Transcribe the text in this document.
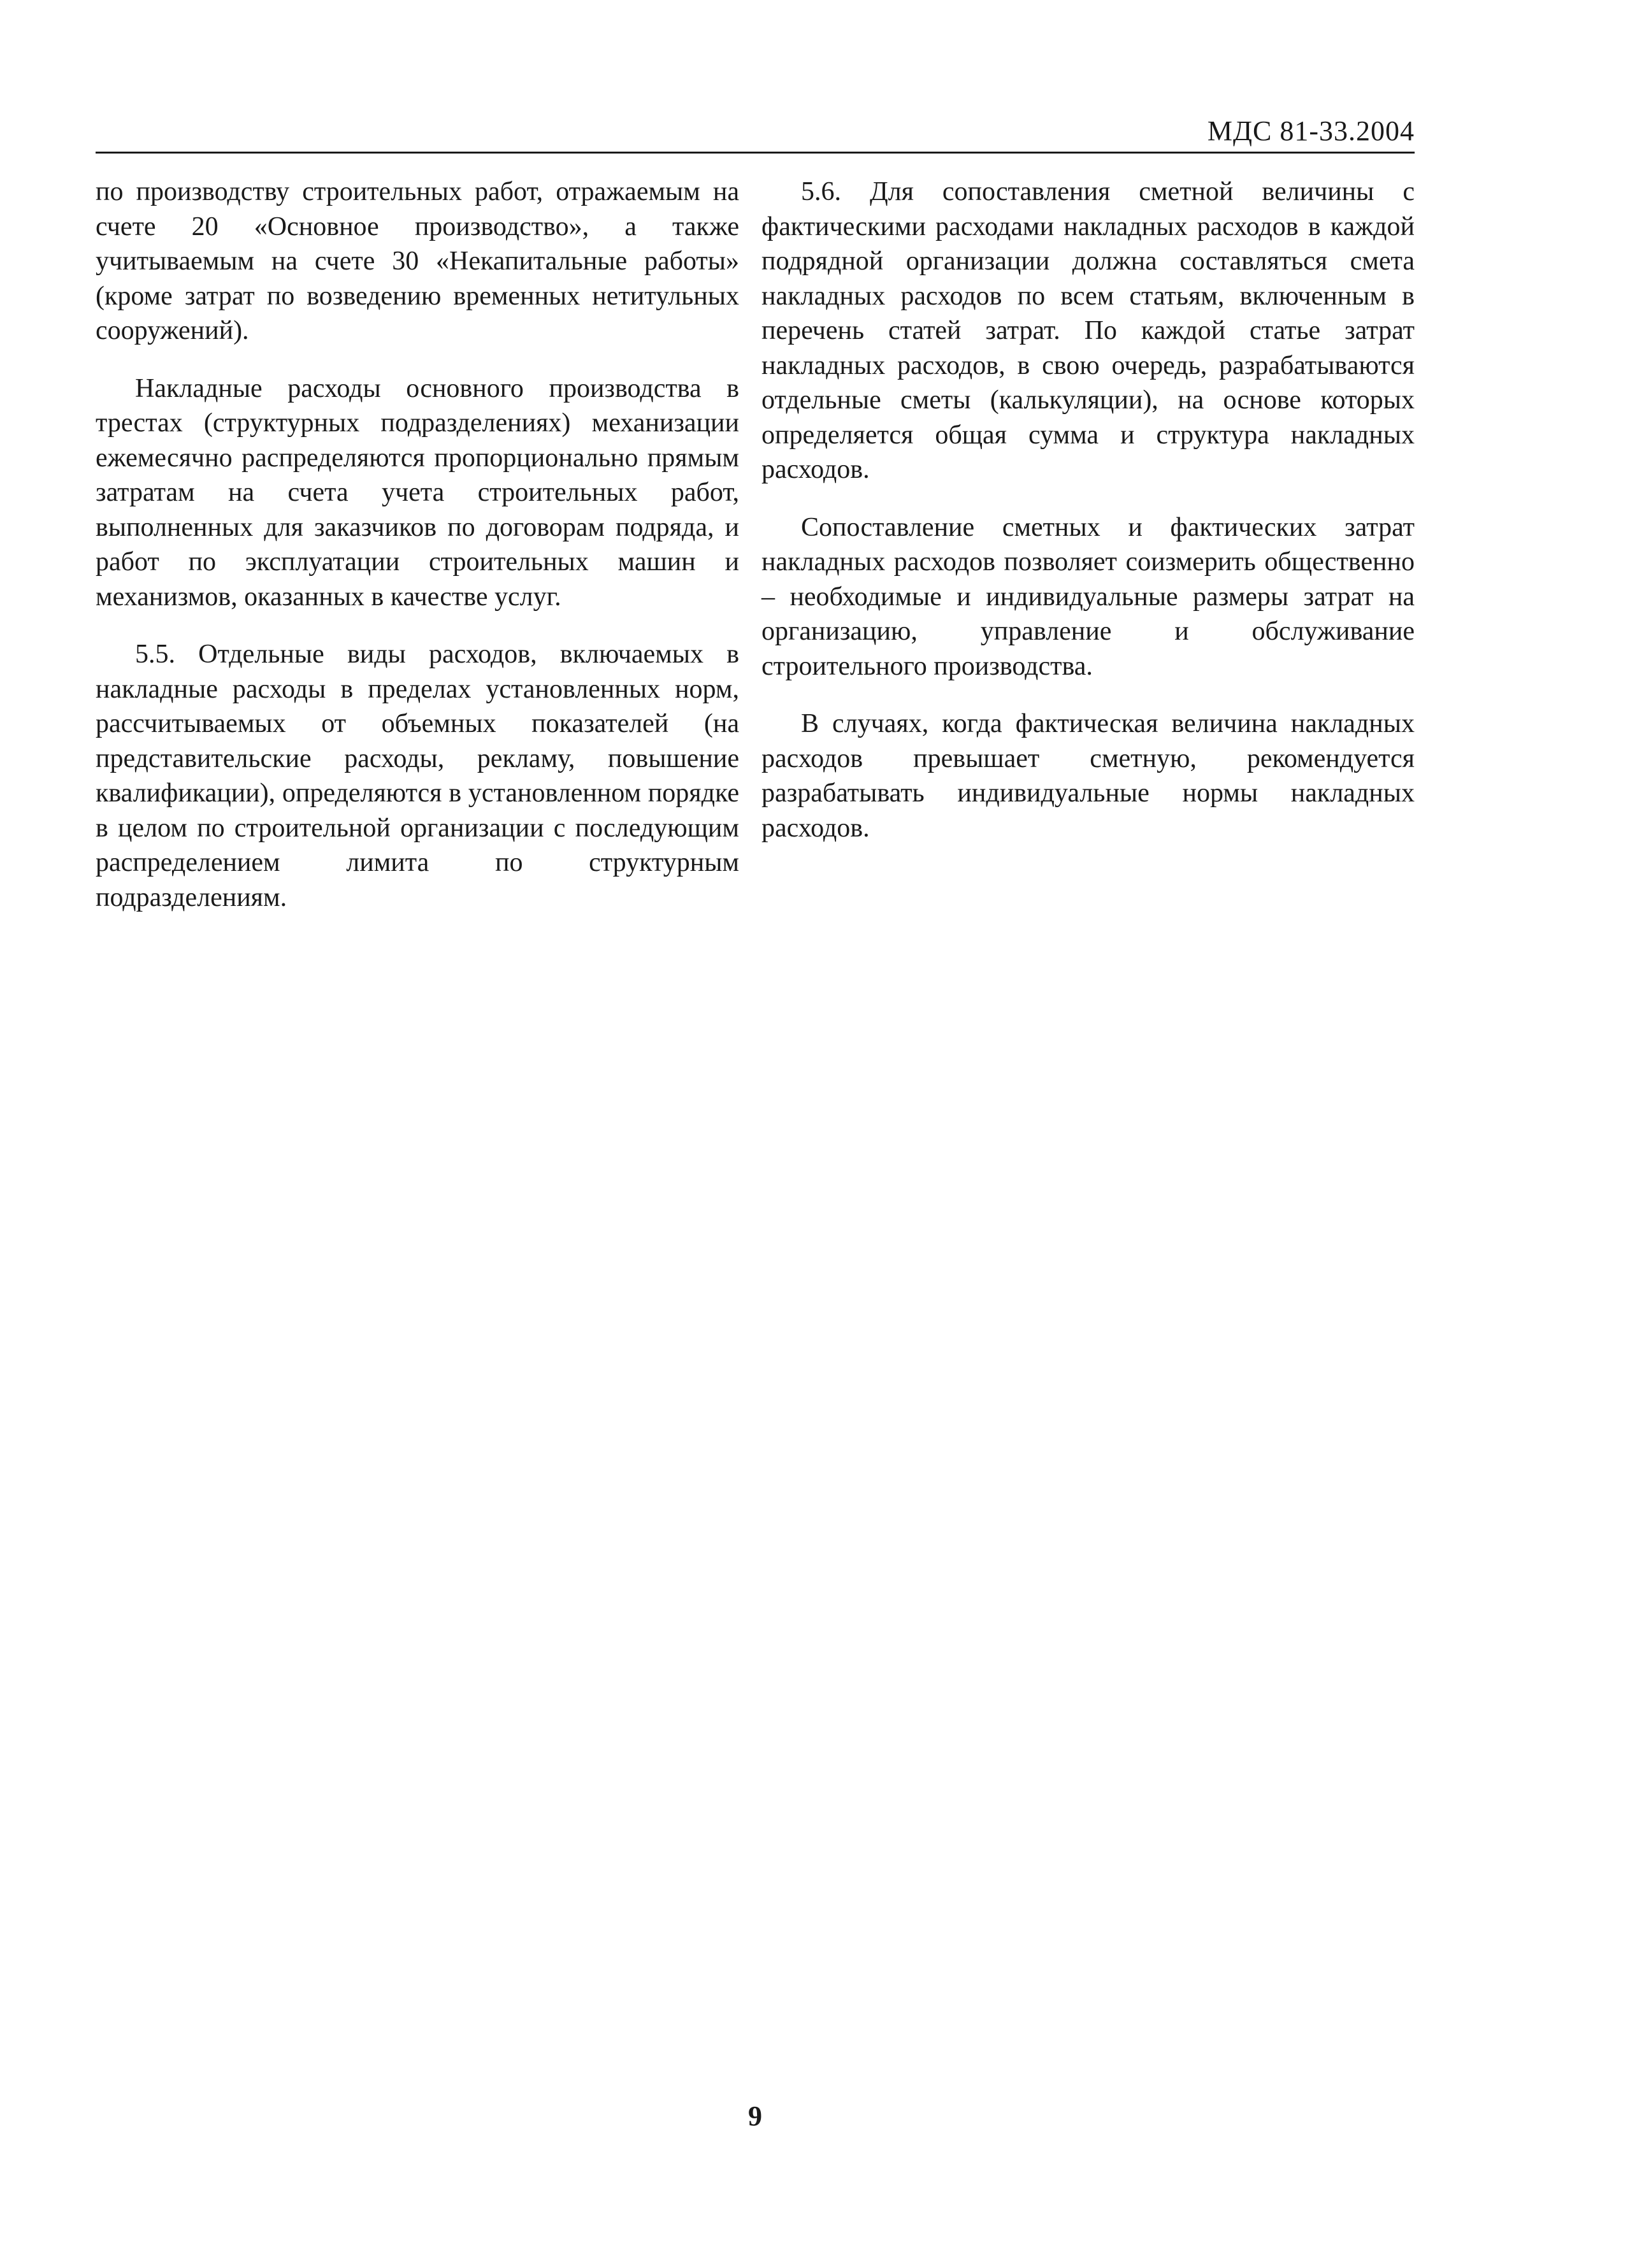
МДС 81-33.2004

по производству строительных работ, отражаемым на счете 20 «Основное производство», а также учитываемым на счете 30 «Некапитальные работы» (кроме затрат по возведению временных нетитульных сооружений).

Накладные расходы основного производства в трестах (структурных подразделениях) механизации ежемесячно распределяются пропорционально прямым затратам на счета учета строительных работ, выполненных для заказчиков по договорам подряда, и работ по эксплуатации строительных машин и механизмов, оказанных в качестве услуг.

5.5. Отдельные виды расходов, включаемых в накладные расходы в пределах установленных норм, рассчитываемых от объемных показателей (на представительские расходы, рекламу, повышение квалификации), определяются в установленном порядке в целом по строительной организации с последующим распределением лимита по структурным подразделениям.

5.6. Для сопоставления сметной величины с фактическими расходами накладных расходов в каждой подрядной организации должна составляться смета накладных расходов по всем статьям, включенным в перечень статей затрат. По каждой статье затрат накладных расходов, в свою очередь, разрабатываются отдельные сметы (калькуляции), на основе которых определяется общая сумма и структура накладных расходов.

Сопоставление сметных и фактических затрат накладных расходов позволяет соизмерить общественно – необходимые и индивидуальные размеры затрат на организацию, управление и обслуживание строительного производства.

В случаях, когда фактическая величина накладных расходов превышает сметную, рекомендуется разрабатывать индивидуальные нормы накладных расходов.

9
